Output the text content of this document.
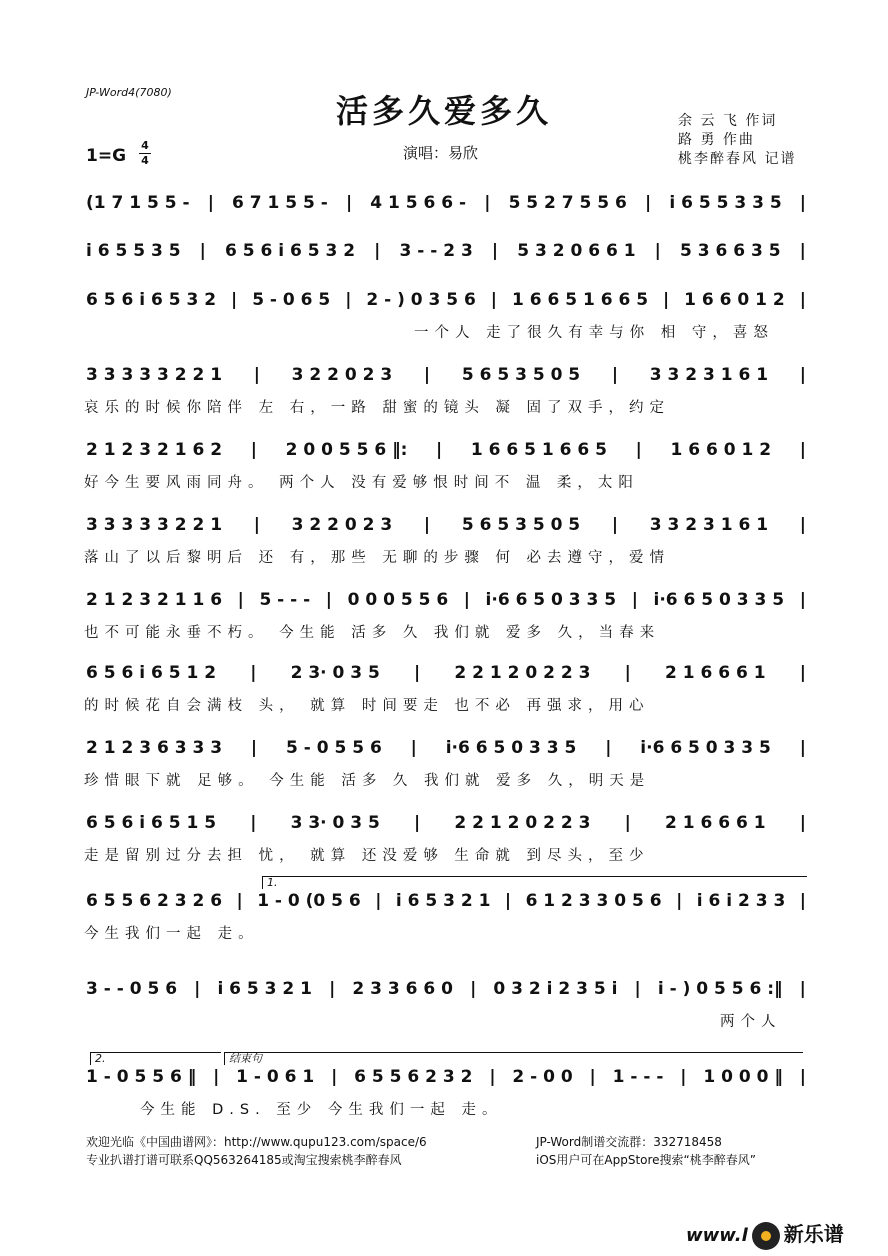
JP-Word4(7080)	活多久爱多久
1=G
4
4	演唱：易欣
余 云 飞 作词
路 勇 作曲
桃李醉春风 记谱
(1 7 1 5 5 - | 6 7 1 5 5 - | 4 1 5 6 6 - | 5 5 2 7 5 5 6 | i 6 5 5 3 3 5 |
i 6 5 5 3 5 | 6 5 6 i 6 5 3 2 | 3 - - 2 3 | 5 3 2 0 6 6 1 | 5 3 6 6 3 5 |
6 5 6 i 6 5 3 2 | 5 - 0 6 5 | 2 - ) 0 3 5 6 | 1 6 6 5 1 6 6 5 | 1 6 6 0 1 2 |
一个人 走了很久有幸与你 相 守，喜怒
3 3 3 3 3 2 2 1 | 3 2 2 0 2 3 | 5 6 5 3 5 0 5 | 3 3 2 3 1 6 1 |
哀乐的时候你陪伴 左 右，一路 甜蜜的镜头 凝 固了双手，约定
2 1 2 3 2 1 6 2 | 2 0 0 5 5 6 ‖: | 1 6 6 5 1 6 6 5 | 1 6 6 0 1 2 |
好今生要风雨同舟。 两个人 没有爱够恨时间不 温 柔，太阳
3 3 3 3 3 2 2 1 | 3 2 2 0 2 3 | 5 6 5 3 5 0 5 | 3 3 2 3 1 6 1 |
落山了以后黎明后 还 有，那些 无聊的步骤 何 必去遵守，爱情
2 1 2 3 2 1 1 6 | 5 - - - | 0 0 0 5 5 6 | i·6 6 5 0 3 3 5 | i·6 6 5 0 3 3 5 |
也不可能永垂不朽。 今生能 活多 久 我们就 爱多 久，当春来
6 5 6 i 6 5 1 2 | 2 3· 0 3 5 | 2 2 1 2 0 2 2 3 | 2 1 6 6 6 1 |
的时候花自会满枝 头， 就算 时间要走 也不必 再强求，用心
2 1 2 3 6 3 3 3 | 5 - 0 5 5 6 | i·6 6 5 0 3 3 5 | i·6 6 5 0 3 3 5 |
珍惜眼下就 足够。 今生能 活多 久 我们就 爱多 久，明天是
6 5 6 i 6 5 1 5 | 3 3· 0 3 5 | 2 2 1 2 0 2 2 3 | 2 1 6 6 6 1 |
走是留别过分去担 忧， 就算 还没爱够 生命就 到尽头，至少
1.
6 5 5 6 2 3 2 6 | 1 - 0 (0 5 6 | i 6 5 3 2 1 | 6 1 2 3 3 0 5 6 | i 6 i 2 3 3 |
今生我们一起 走。
3 - - 0 5 6 | i 6 5 3 2 1 | 2 3 3 6 6 0 | 0 3 2 i 2 3 5 i | i - ) 0 5 5 6 :‖ |
两个人
2.	结束句
1 - 0 5 5 6 ‖ | 1 - 0 6 1 | 6 5 5 6 2 3 2 | 2 - 0 0 | 1 - - - | 1 0 0 0 ‖ |
今生能 D.S. 至少 今生我们一起 走。
欢迎光临《中国曲谱网》：http://www.qupu123.com/space/6
专业扒谱打谱可联系QQ563264185或淘宝搜索桃李醉春风
JP-Word制谱交流群：332718458
iOS用户可在AppStore搜索“桃李醉春风”
www.l 新乐谱
